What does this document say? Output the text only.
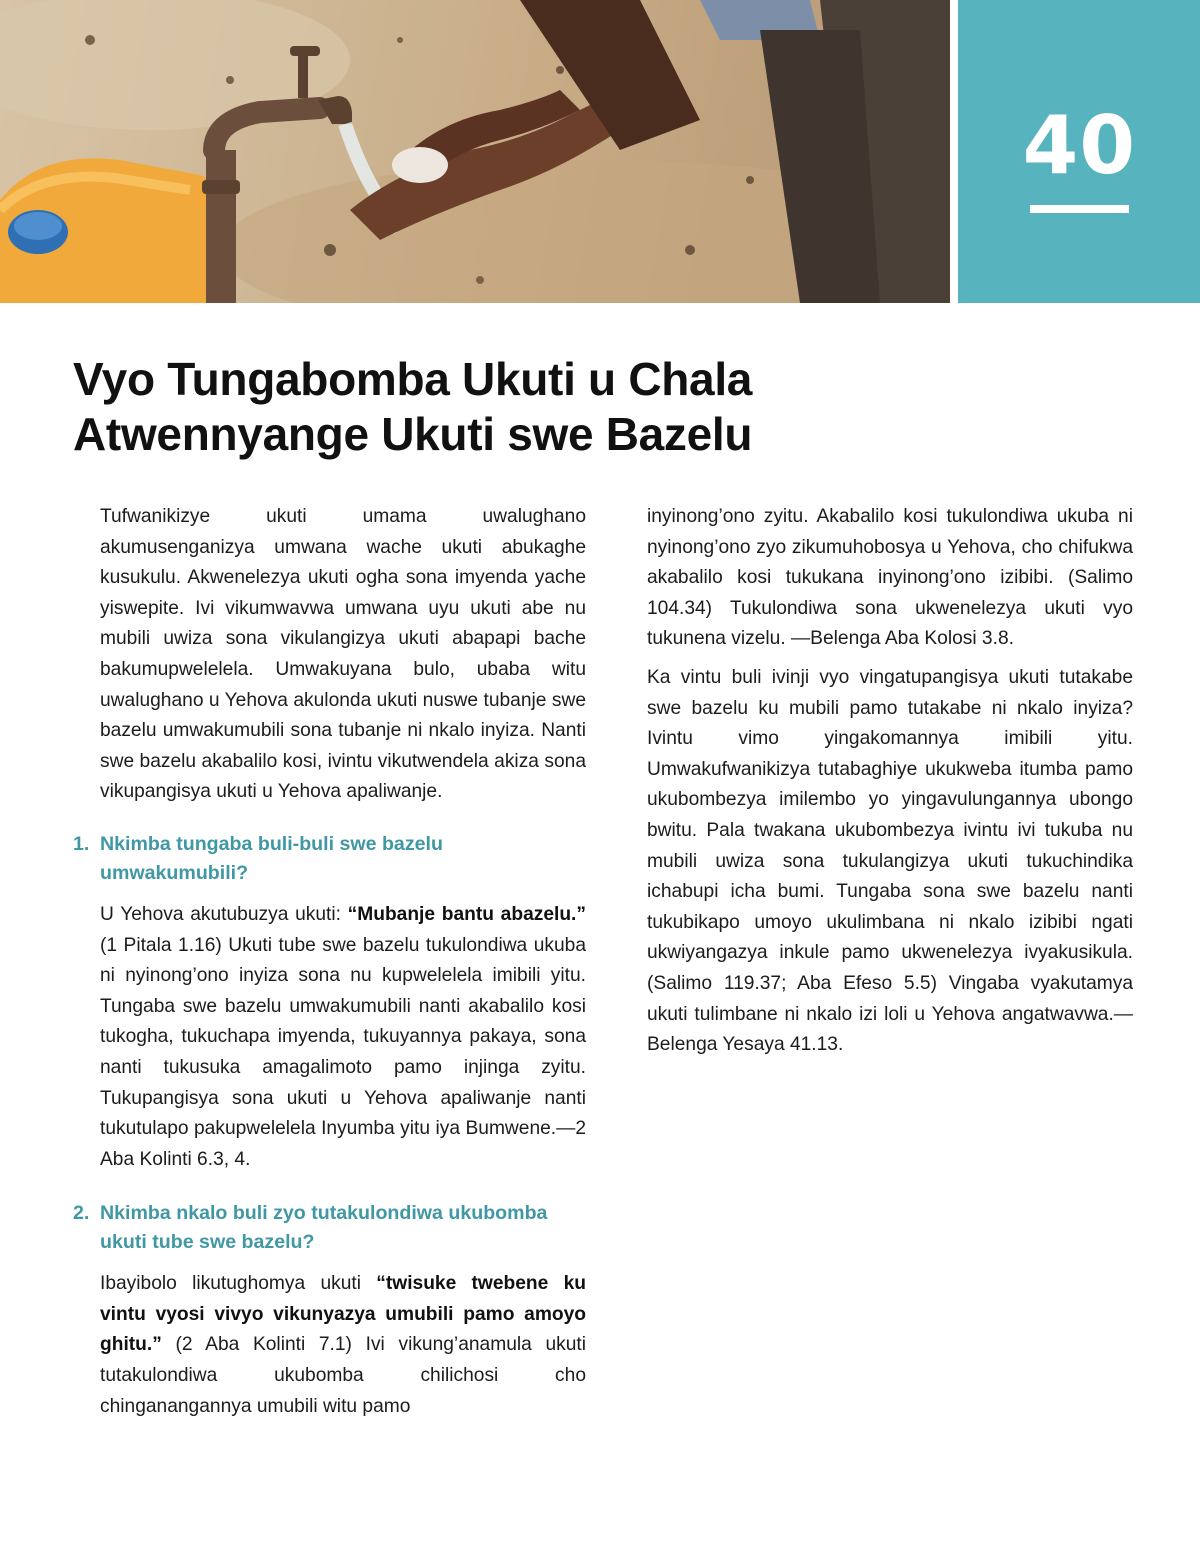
40
Vyo Tungabomba Ukuti u Chala
Atwennyange Ukuti swe Bazelu

Tufwanikizye ukuti umama uwalughano akumusenganizya umwana wache ukuti abukaghe kusukulu. Akwenelezya ukuti ogha sona imyenda yache yiswepite. Ivi vikumwavwa umwana uyu ukuti abe nu mubili uwiza sona vikulangizya ukuti abapapi bache bakumupwelelela. Umwakuyana bulo, ubaba witu uwalughano u Yehova akulonda ukuti nuswe tubanje swe bazelu umwakumubili sona tubanje ni nkalo inyiza. Nanti swe bazelu akabalilo kosi, ivintu vikutwendela akiza sona vikupangisya ukuti u Yehova apaliwanje.

1. Nkimba tungaba buli-buli swe bazelu umwakumubili?

U Yehova akutubuzya ukuti: “Mubanje bantu abazelu.” (1 Pitala 1.16) Ukuti tube swe bazelu tukulondiwa ukuba ni nyinong’ono inyiza sona nu kupwelelela imibili yitu. Tungaba swe bazelu umwakumubili nanti akabalilo kosi tukogha, tukuchapa imyenda, tukuyannya pakaya, sona nanti tukusuka amagalimoto pamo injinga zyitu. Tukupangisya sona ukuti u Yehova apaliwanje nanti tukutulapo pakupwelelela Inyumba yitu iya Bumwene.—2 Aba Kolinti 6.3, 4.

2. Nkimba nkalo buli zyo tutakulondiwa ukubomba ukuti tube swe bazelu?

Ibayibolo likutughomya ukuti “twisuke twebene ku vintu vyosi vivyo vikunyazya umubili pamo amoyo ghitu.” (2 Aba Kolinti 7.1) Ivi vikung’anamula ukuti tutakulondiwa ukubomba chilichosi cho chinganangannya umubili witu pamo

inyinong’ono zyitu. Akabalilo kosi tukulondiwa ukuba ni nyinong’ono zyo zikumuhobosya u Yehova, cho chifukwa akabalilo kosi tukukana inyinong’ono izibibi. (Salimo 104.34) Tukulondiwa sona ukwenelezya ukuti vyo tukunena vizelu. —Belenga Aba Kolosi 3.8.

Ka vintu buli ivinji vyo vingatupangisya ukuti tutakabe swe bazelu ku mubili pamo tutakabe ni nkalo inyiza? Ivintu vimo yingakomannya imibili yitu. Umwakufwanikizya tutabaghiye ukukweba itumba pamo ukubombezya imilembo yo yingavulungannya ubongo bwitu. Pala twakana ukubombezya ivintu ivi tukuba nu mubili uwiza sona tukulangizya ukuti tukuchindika ichabupi icha bumi. Tungaba sona swe bazelu nanti tukubikapo umoyo ukulimbana ni nkalo izibibi ngati ukwiyangazya inkule pamo ukwenelezya ivyakusikula. (Salimo 119.37; Aba Efeso 5.5) Vingaba vyakutamya ukuti tulimbane ni nkalo izi loli u Yehova angatwavwa.—Belenga Yesaya 41.13.
